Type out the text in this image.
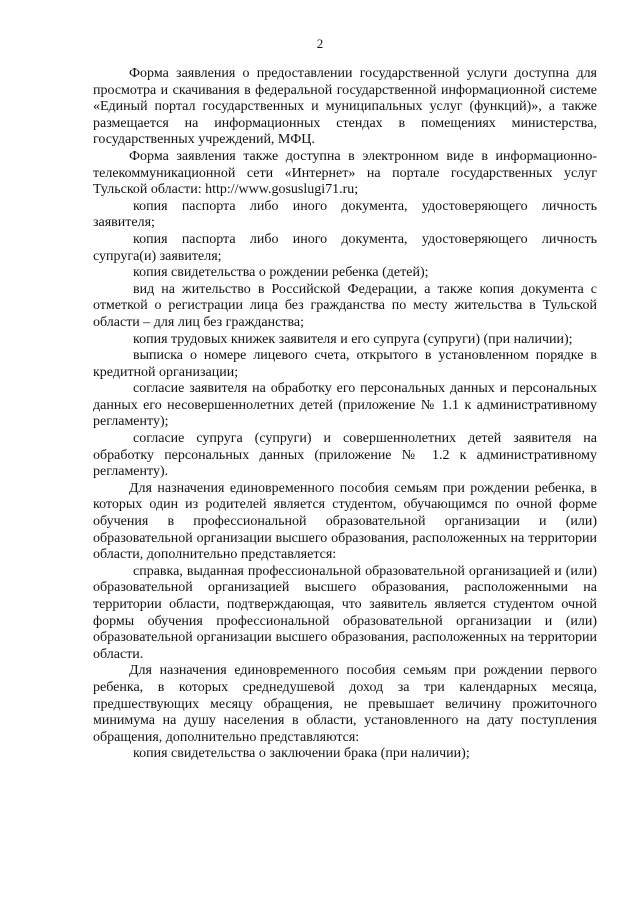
2

Форма заявления о предоставлении государственной услуги доступна для просмотра и скачивания в федеральной государственной информационной системе «Единый портал государственных и муниципальных услуг (функций)», а также размещается на информационных стендах в помещениях министерства, государственных учреждений, МФЦ.

Форма заявления также доступна в электронном виде в информационно-телекоммуникационной сети «Интернет» на портале государственных услуг Тульской области: http://www.gosuslugi71.ru;

копия паспорта либо иного документа, удостоверяющего личность заявителя;

копия паспорта либо иного документа, удостоверяющего личность супруга(и) заявителя;

копия свидетельства о рождении ребенка (детей);

вид на жительство в Российской Федерации, а также копия документа с отметкой о регистрации лица без гражданства по месту жительства в Тульской области – для лиц без гражданства;

копия трудовых книжек заявителя и его супруга (супруги) (при наличии);

выписка о номере лицевого счета, открытого в установленном порядке в кредитной организации;

согласие заявителя на обработку его персональных данных и персональных данных его несовершеннолетних детей (приложение № 1.1 к административному регламенту);

согласие супруга (супруги) и совершеннолетних детей заявителя на обработку персональных данных (приложение № 1.2 к административному регламенту).

Для назначения единовременного пособия семьям при рождении ребенка, в которых один из родителей является студентом, обучающимся по очной форме обучения в профессиональной образовательной организации и (или) образовательной организации высшего образования, расположенных на территории области, дополнительно представляется:

справка, выданная профессиональной образовательной организацией и (или) образовательной организацией высшего образования, расположенными на территории области, подтверждающая, что заявитель является студентом очной формы обучения профессиональной образовательной организации и (или) образовательной организации высшего образования, расположенных на территории области.

Для назначения единовременного пособия семьям при рождении первого ребенка, в которых среднедушевой доход за три календарных месяца, предшествующих месяцу обращения, не превышает величину прожиточного минимума на душу населения в области, установленного на дату поступления обращения, дополнительно представляются:

копия свидетельства о заключении брака (при наличии);
